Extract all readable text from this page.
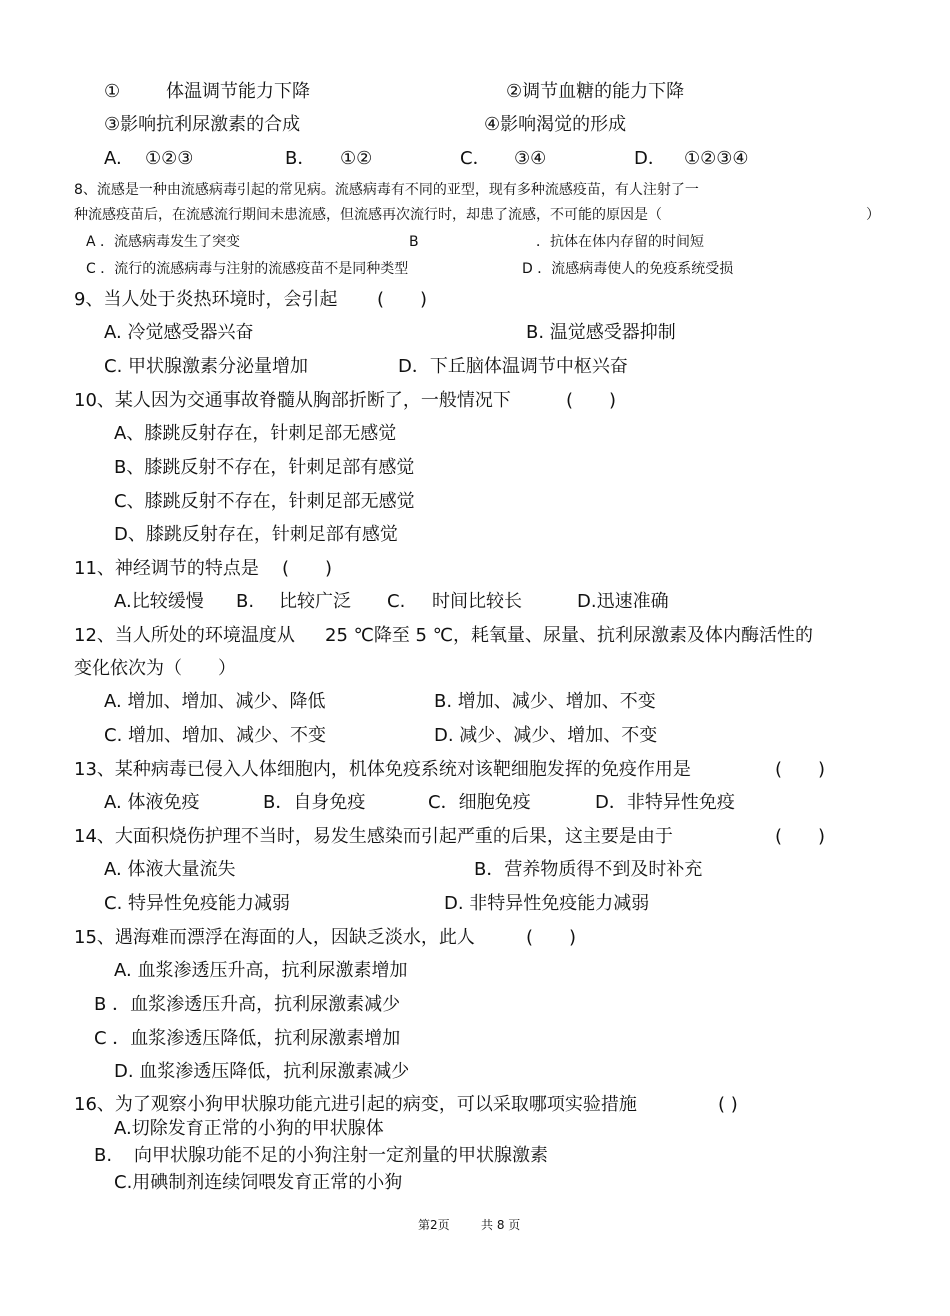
①	体温调节能力下降	②调节血糖的能力下降
③影响抗利尿激素的合成	④影响渴觉的形成
A. ①②③	B． ①②	C． ③④	D． ①②③④
8、流感是一种由流感病毒引起的常见病。流感病毒有不同的亚型，现有多种流感疫苗，有人注射了一
种流感疫苗后，在流感流行期间未患流感，但流感再次流行时，却患了流感，不可能的原因是（	）
A ．流感病毒发生了突变	B	．抗体在体内存留的时间短
C ．流行的流感病毒与注射的流感疫苗不是同种类型	D ．流感病毒使人的免疫系统受损
9、当人处于炎热环境时，会引起 (　　)
A. 冷觉感受器兴奋	B. 温觉感受器抑制
C. 甲状腺激素分泌量增加	D．下丘脑体温调节中枢兴奋
10、某人因为交通事故脊髓从胸部折断了，一般情况下	(　　)
A、膝跳反射存在，针刺足部无感觉
B、膝跳反射不存在，针刺足部有感觉
C、膝跳反射不存在，针刺足部无感觉
D、膝跳反射存在，针刺足部有感觉
11、神经调节的特点是 (　　)
A.比较缓慢 B. 比较广泛 C. 时间比较长	D.迅速准确
12、当人所处的环境温度从 25 ℃降至 5 ℃，耗氧量、尿量、抗利尿激素及体内酶活性的
变化依次为（　　）
A. 增加、增加、减少、降低	B. 增加、减少、增加、不变
C. 增加、增加、减少、不变	D. 减少、减少、增加、不变
13、某种病毒已侵入人体细胞内，机体免疫系统对该靶细胞发挥的免疫作用是	(　　)
A. 体液免疫	B．自身免疫	C．细胞免疫	D．非特异性免疫
14、大面积烧伤护理不当时，易发生感染而引起严重的后果，这主要是由于	(　　)
A. 体液大量流失	B．营养物质得不到及时补充
C. 特异性免疫能力减弱	D. 非特异性免疫能力减弱
15、遇海难而漂浮在海面的人，因缺乏淡水，此人	(　　)
A. 血浆渗透压升高，抗利尿激素增加
B ．血浆渗透压升高，抗利尿激素减少
C ．血浆渗透压降低，抗利尿激素增加
D. 血浆渗透压降低，抗利尿激素减少
16、为了观察小狗甲状腺功能亢进引起的病变，可以采取哪项实验措施	( )
A.切除发育正常的小狗的甲状腺体
B. 向甲状腺功能不足的小狗注射一定剂量的甲状腺激素
C.用碘制剂连续饲喂发育正常的小狗
第2页	共 8 页
